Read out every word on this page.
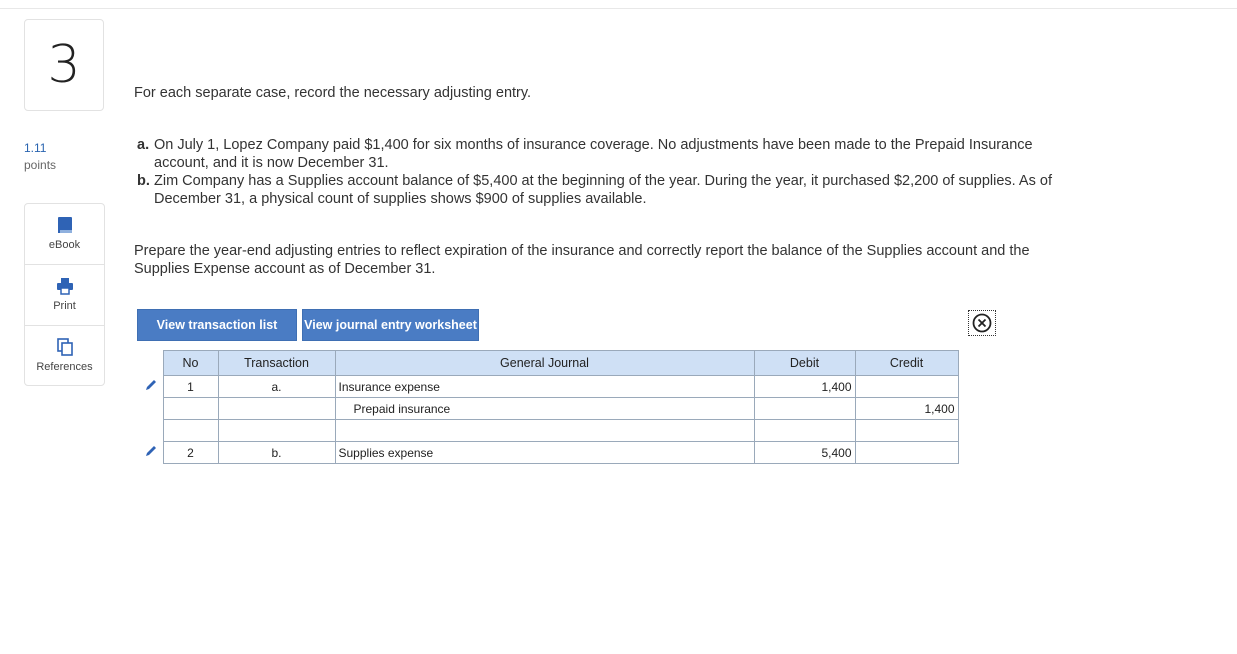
3
1.11
points
eBook
Print
References
For each separate case, record the necessary adjusting entry.
a. On July 1, Lopez Company paid $1,400 for six months of insurance coverage. No adjustments have been made to the Prepaid Insurance account, and it is now December 31.
b. Zim Company has a Supplies account balance of $5,400 at the beginning of the year. During the year, it purchased $2,200 of supplies. As of December 31, a physical count of supplies shows $900 of supplies available.
Prepare the year-end adjusting entries to reflect expiration of the insurance and correctly report the balance of the Supplies account and the Supplies Expense account as of December 31.
View transaction list	View journal entry worksheet
	No	Transaction	General Journal	Debit	Credit
	1	a.	Insurance expense	1,400	
			Prepaid insurance		1,400

	2	b.	Supplies expense	5,400	
